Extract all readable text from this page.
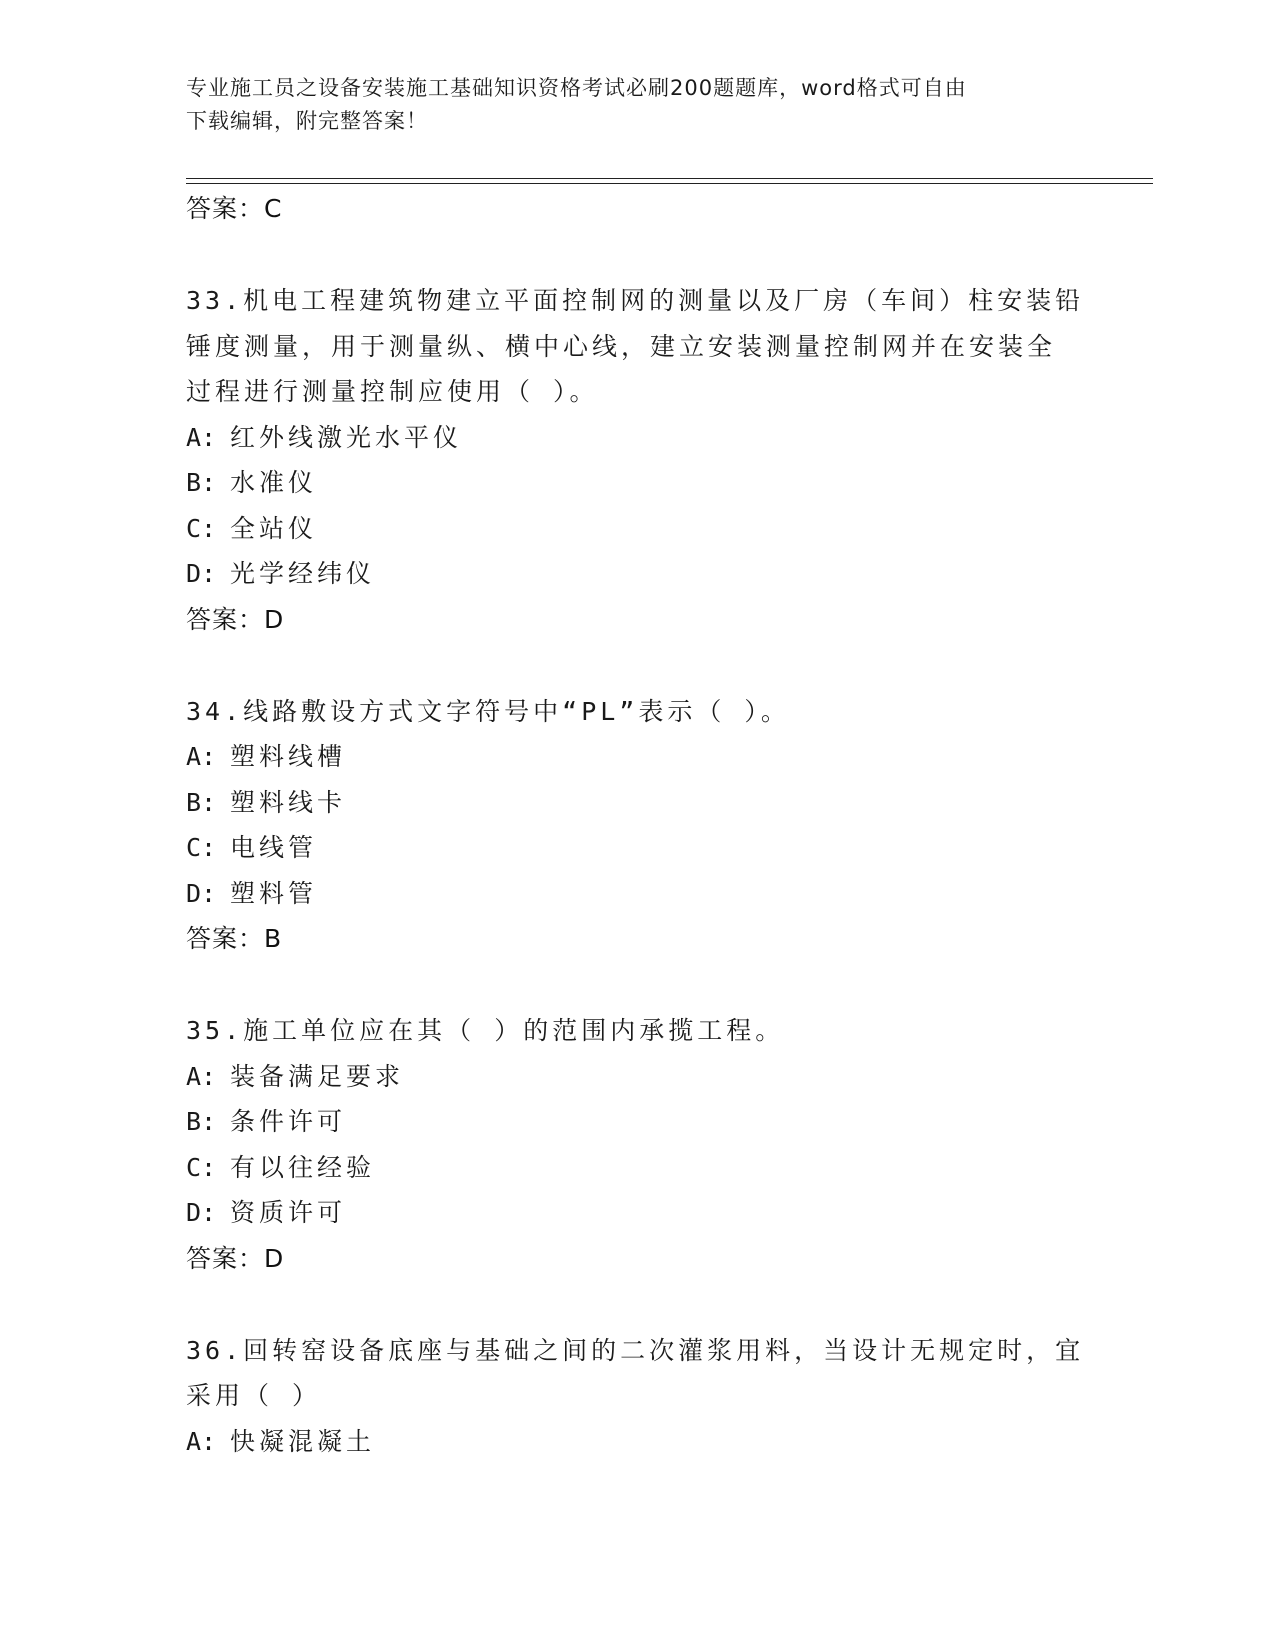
专业施工员之设备安装施工基础知识资格考试必刷200题题库，word格式可自由
下载编辑，附完整答案！
答案：C
33.机电工程建筑物建立平面控制网的测量以及厂房（车间）柱安装铅
锤度测量，用于测量纵、横中心线，建立安装测量控制网并在安装全
过程进行测量控制应使用（ ）。
A: 红外线激光水平仪
B: 水准仪
C: 全站仪
D: 光学经纬仪
答案：D
34.线路敷设方式文字符号中“PL”表示（ ）。
A: 塑料线槽
B: 塑料线卡
C: 电线管
D: 塑料管
答案：B
35.施工单位应在其（ ）的范围内承揽工程。
A: 装备满足要求
B: 条件许可
C: 有以往经验
D: 资质许可
答案：D
36.回转窑设备底座与基础之间的二次灌浆用料，当设计无规定时，宜
采用（ ）
A: 快凝混凝土
